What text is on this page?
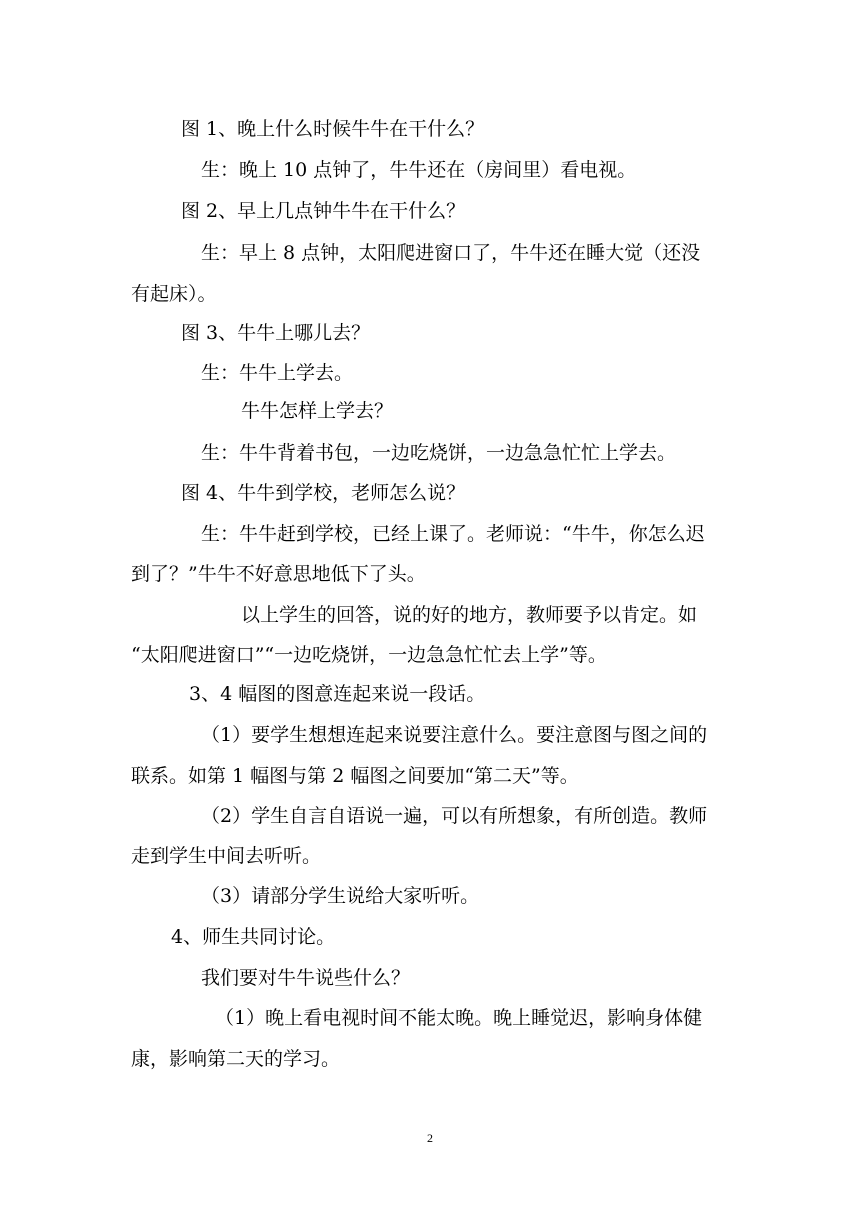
图 1、晚上什么时候牛牛在干什么？
生：晚上 10 点钟了，牛牛还在（房间里）看电视。
图 2、早上几点钟牛牛在干什么？
生：早上 8 点钟，太阳爬进窗口了，牛牛还在睡大觉（还没
有起床）。
图 3、牛牛上哪儿去？
生：牛牛上学去。
牛牛怎样上学去？
生：牛牛背着书包，一边吃烧饼，一边急急忙忙上学去。
图 4、牛牛到学校，老师怎么说？
生：牛牛赶到学校，已经上课了。老师说：“牛牛，你怎么迟
到了？”牛牛不好意思地低下了头。
以上学生的回答，说的好的地方，教师要予以肯定。如
“太阳爬进窗口”“一边吃烧饼，一边急急忙忙去上学”等。
3、4 幅图的图意连起来说一段话。
（1）要学生想想连起来说要注意什么。要注意图与图之间的
联系。如第 1 幅图与第 2 幅图之间要加“第二天”等。
（2）学生自言自语说一遍，可以有所想象，有所创造。教师
走到学生中间去听听。
（3）请部分学生说给大家听听。
4、师生共同讨论。
我们要对牛牛说些什么？
（1）晚上看电视时间不能太晚。晚上睡觉迟，影响身体健
康，影响第二天的学习。
2
